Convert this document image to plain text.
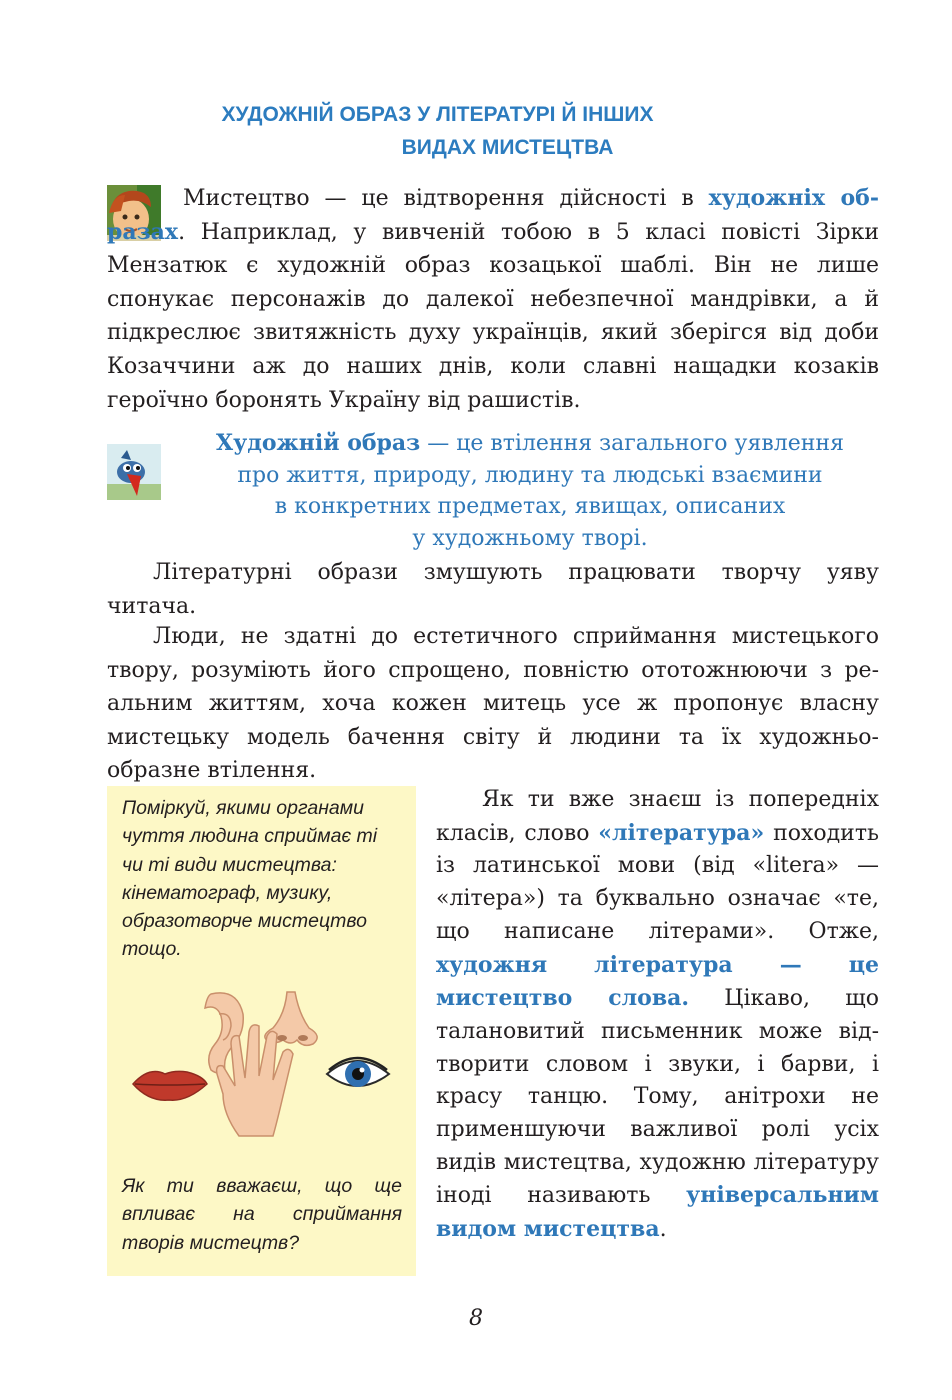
ХУДОЖНІЙ ОБРАЗ У ЛІТЕРАТУРІ Й ІНШИХ
ВИДАХ МИСТЕЦТВА

Мистецтво — це відтворення дійсності в художніх образах. Наприклад, у вивченій тобою в 5 класі повісті Зірки Мензатюк є художній образ козацької шаблі. Він не лише спонукає персонажів до далекої небезпечної мандрівки, а й підкреслює звитяжність духу українців, який зберігся від доби Козаччини аж до наших днів, коли славні нащадки козаків героїчно боронять Україну від рашистів.

Художній образ — це втілення загального уявлення
про життя, природу, людину та людські взаємини
в конкретних предметах, явищах, описаних
у художньому творі.

Літературні образи змушують працювати творчу уяву читача.

Люди, не здатні до естетичного сприймання мистецького твору, розуміють його спрощено, повністю ототожнюючи з реальним життям, хоча кожен митець усе ж пропонує власну мистецьку модель бачення світу й людини та їх художньо-образне втілення.

Поміркуй, якими органами чуття людина сприймає ті чи ті види мистецтва: кінематограф, музику, образотворче мистецтво тощо.

Як ти вважаєш, що ще впливає на сприймання творів мистецтв?

Як ти вже знаєш із попередніх класів, слово «література» походить із латинської мови (від «litera» — «літера») та буквально означає «те, що написане літерами». Отже, художня література — це мистецтво слова. Цікаво, що талановитий письменник може відтворити словом і звуки, і барви, і красу танцю. Тому, анітрохи не применшуючи важливої ролі усіх видів мистецтва, художню літературу іноді називають універсальним видом мистецтва.

8
